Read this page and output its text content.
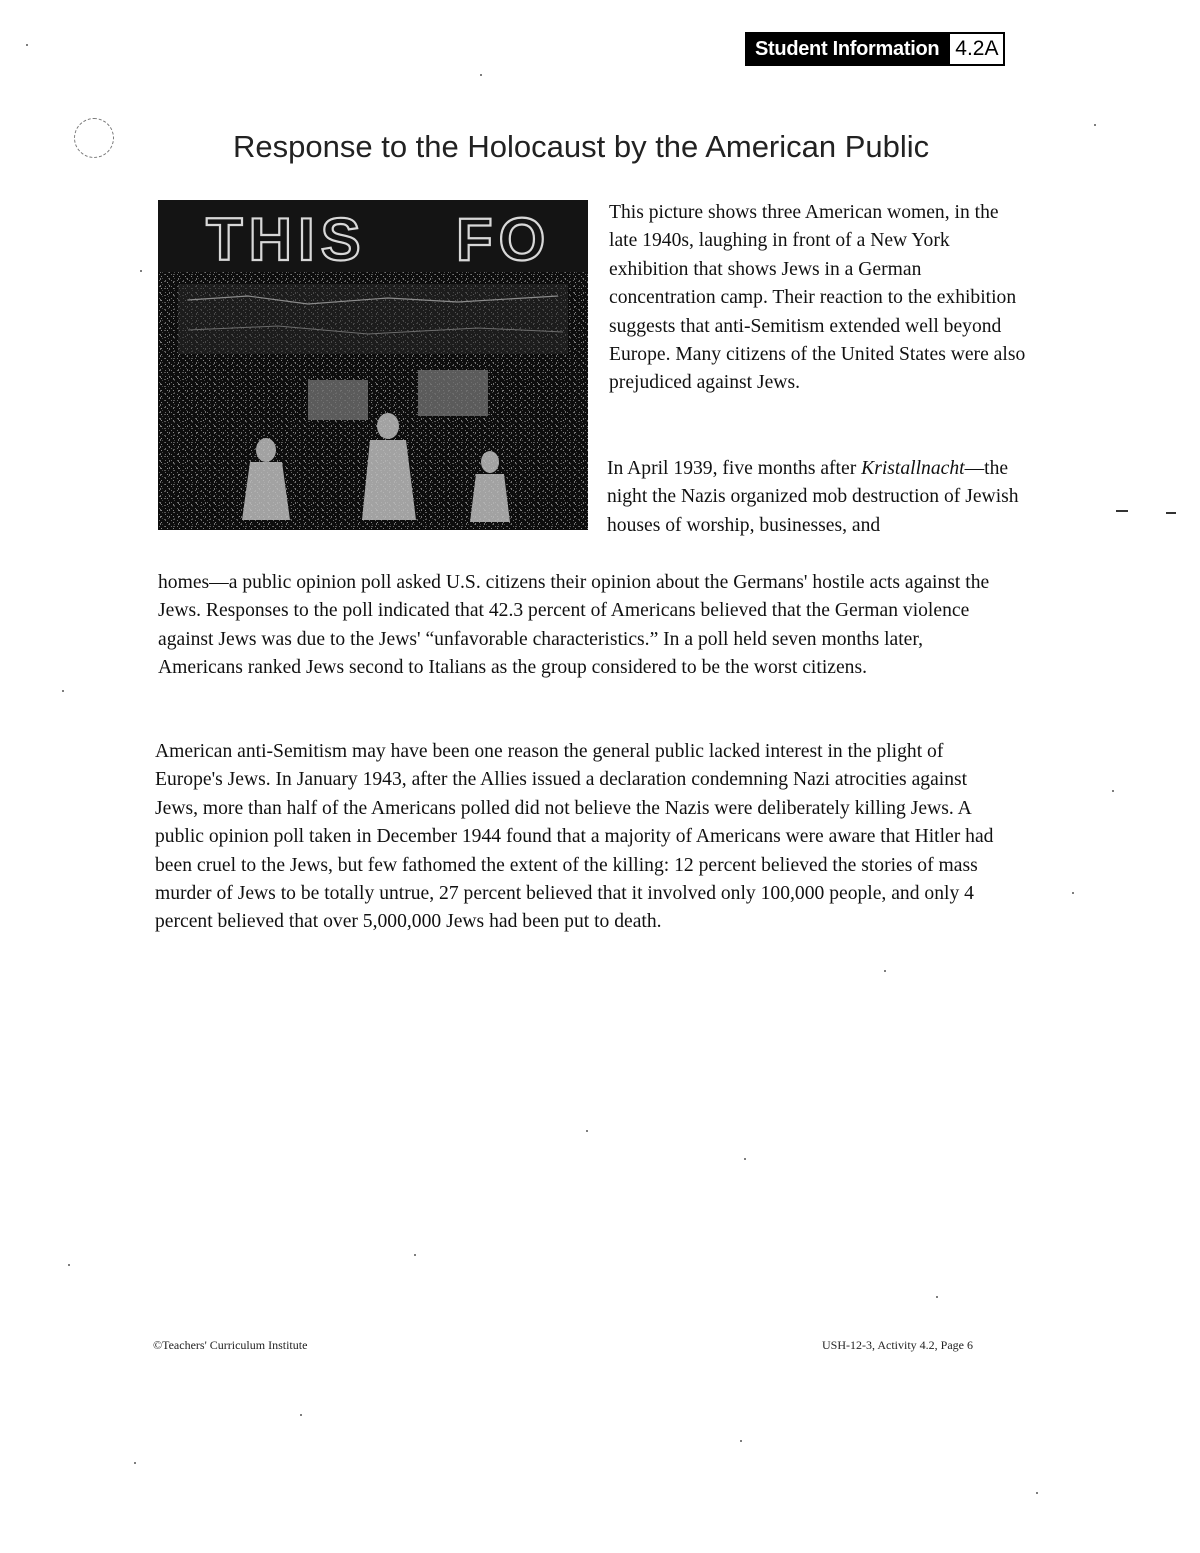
Student Information 4.2A
Response to the Holocaust by the American Public
THIS FO	This picture shows three American women, in the late 1940s, laughing in front of a New York exhibition that shows Jews in a German concentration camp. Their reaction to the exhibition suggests that anti-Semitism extended well beyond Europe. Many citizens of the United States were also prejudiced against Jews.

In April 1939, five months after Kristallnacht—the night the Nazis organized mob destruction of Jewish houses of worship, businesses, and

homes—a public opinion poll asked U.S. citizens their opinion about the Germans' hostile acts against the Jews. Responses to the poll indicated that 42.3 percent of Americans believed that the German violence against Jews was due to the Jews' “unfavorable characteristics.” In a poll held seven months later, Americans ranked Jews second to Italians as the group considered to be the worst citizens.

American anti-Semitism may have been one reason the general public lacked interest in the plight of Europe's Jews. In January 1943, after the Allies issued a declaration condemning Nazi atrocities against Jews, more than half of the Americans polled did not believe the Nazis were deliberately killing Jews. A public opinion poll taken in December 1944 found that a majority of Americans were aware that Hitler had been cruel to the Jews, but few fathomed the extent of the killing: 12 percent believed the stories of mass murder of Jews to be totally untrue, 27 percent believed that it involved only 100,000 people, and only 4 percent believed that over 5,000,000 Jews had been put to death.

©Teachers' Curriculum Institute	USH-12-3, Activity 4.2, Page 6
